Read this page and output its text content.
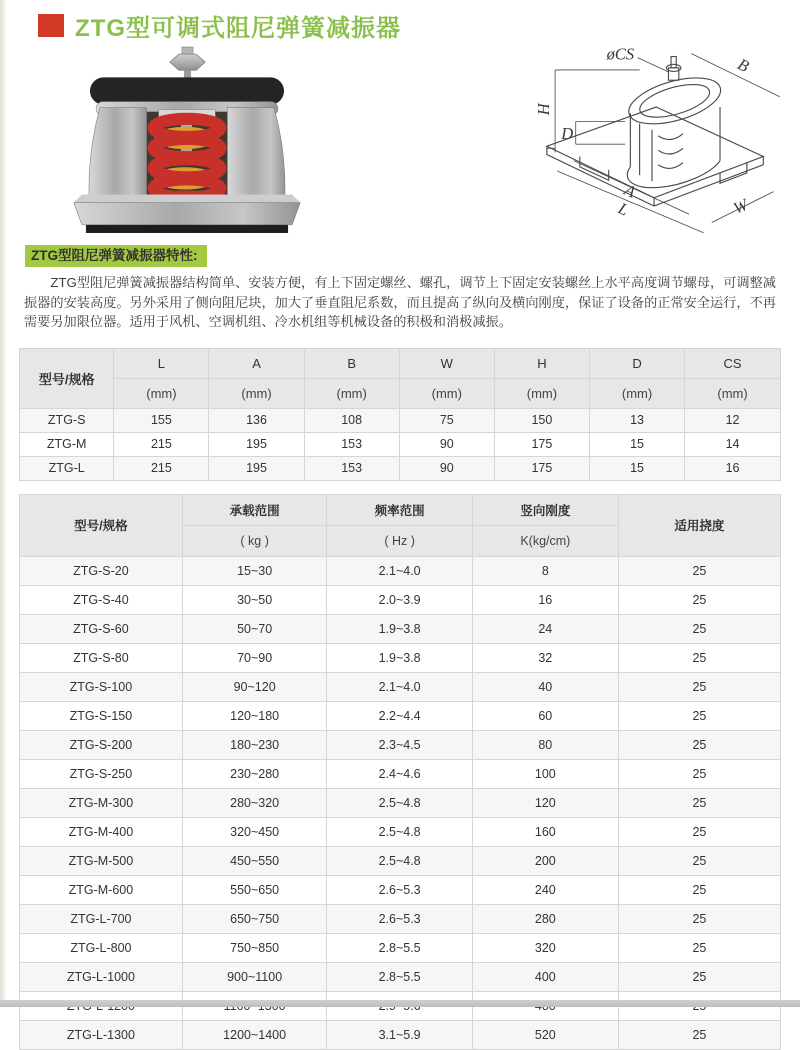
ZTG型可调式阻尼弹簧减振器
øCS
B
H
D
A
L	W
ZTG型阻尼弹簧减振器特性:

ZTG型阻尼弹簧减振器结构简单、安装方便，有上下固定螺丝、螺孔，调节上下固定安装螺丝上水平高度调节螺母，可调整减振器的安装高度。另外采用了侧向阻尼块，加大了垂直阻尼系数，而且提高了纵向及横向刚度，保证了设备的正常安全运行，不再需要另加限位器。适用于风机、空调机组、冷水机组等机械设备的积极和消极减振。

型号/规格	L	A	B	W	H	D	CS
	(mm)	(mm)	(mm)	(mm)	(mm)	(mm)	(mm)
ZTG-S	155	136	108	75	150	13	12
ZTG-M	215	195	153	90	175	15	14
ZTG-L	215	195	153	90	175	15	16
型号/规格	承载范围	频率范围	竖向刚度	适用挠度
	( kg )	( Hz )	K(kg/cm)	
ZTG-S-20	15~30	2.1~4.0	8	25
ZTG-S-40	30~50	2.0~3.9	16	25
ZTG-S-60	50~70	1.9~3.8	24	25
ZTG-S-80	70~90	1.9~3.8	32	25
ZTG-S-100	90~120	2.1~4.0	40	25
ZTG-S-150	120~180	2.2~4.4	60	25
ZTG-S-200	180~230	2.3~4.5	80	25
ZTG-S-250	230~280	2.4~4.6	100	25
ZTG-M-300	280~320	2.5~4.8	120	25
ZTG-M-400	320~450	2.5~4.8	160	25
ZTG-M-500	450~550	2.5~4.8	200	25
ZTG-M-600	550~650	2.6~5.3	240	25
ZTG-L-700	650~750	2.6~5.3	280	25
ZTG-L-800	750~850	2.8~5.5	320	25
ZTG-L-1000	900~1100	2.8~5.5	400	25

ZTG-L-1300	1200~1400	3.1~5.9	520	25
